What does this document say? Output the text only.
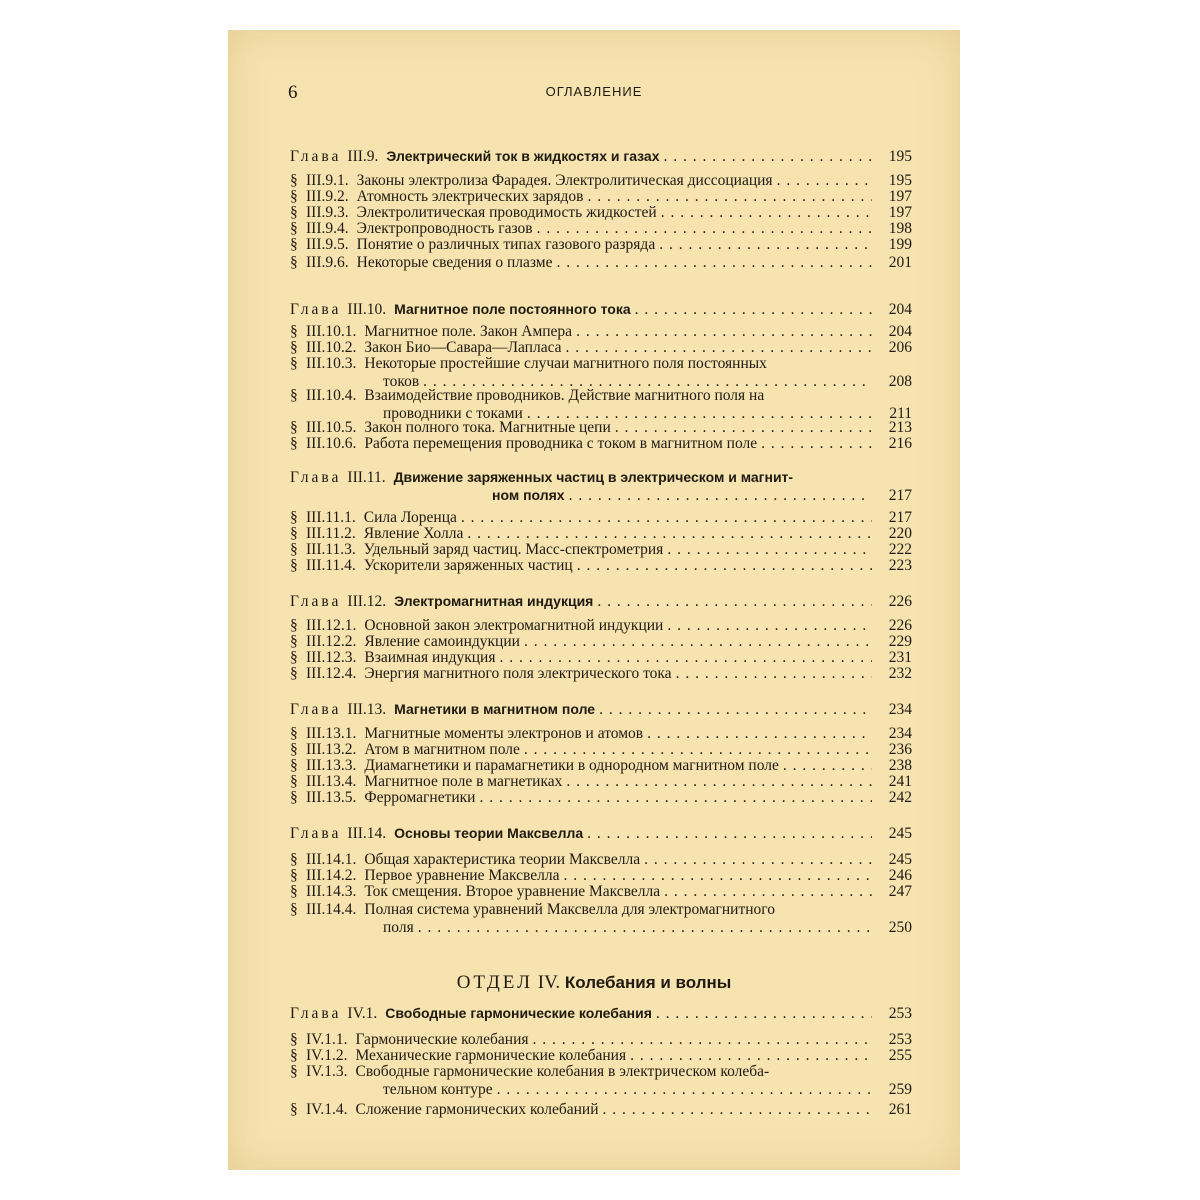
6	ОГЛАВЛЕНИЕ
Глава III.9. Электрический ток в жидкостях и газах . . .	195
§ III.9.1. Законы электролиза Фарадея. Электролитическая диссоциация . . .	195
§ III.9.2. Атомность электрических зарядов . . .	197
§ III.9.3. Электролитическая проводимость жидкостей . . .	197
§ III.9.4. Электропроводность газов . . .	198
§ III.9.5. Понятие о различных типах газового разряда . . .	199
§ III.9.6. Некоторые сведения о плазме . . .	201
Глава III.10. Магнитное поле постоянного тока . . .	204
§ III.10.1. Магнитное поле. Закон Ампера . . .	204
§ III.10.2. Закон Био—Савара—Лапласа . . .	206
§ III.10.3. Некоторые простейшие случаи магнитного поля постоянных
токов . . .	208
§ III.10.4. Взаимодействие проводников. Действие магнитного поля на
проводники с токами . . .	211
§ III.10.5. Закон полного тока. Магнитные цепи . . .	213
§ III.10.6. Работа перемещения проводника с током в магнитном поле . . .	216
Глава III.11. Движение заряженных частиц в электрическом и магнит-
ном полях . . .	217
§ III.11.1. Сила Лоренца . . .	217
§ III.11.2. Явление Холла . . .	220
§ III.11.3. Удельный заряд частиц. Масс-спектрометрия . . .	222
§ III.11.4. Ускорители заряженных частиц . . .	223
Глава III.12. Электромагнитная индукция . . .	226
§ III.12.1. Основной закон электромагнитной индукции . . .	226
§ III.12.2. Явление самоиндукции . . .	229
§ III.12.3. Взаимная индукция . . .	231
§ III.12.4. Энергия магнитного поля электрического тока . . .	232
Глава III.13. Магнетики в магнитном поле . . .	234
§ III.13.1. Магнитные моменты электронов и атомов . . .	234
§ III.13.2. Атом в магнитном поле . . .	236
§ III.13.3. Диамагнетики и парамагнетики в однородном магнитном поле . . .	238
§ III.13.4. Магнитное поле в магнетиках . . .	241
§ III.13.5. Ферромагнетики . . .	242
Глава III.14. Основы теории Максвелла . . .	245
§ III.14.1. Общая характеристика теории Максвелла . . .	245
§ III.14.2. Первое уравнение Максвелла . . .	246
§ III.14.3. Ток смещения. Второе уравнение Максвелла . . .	247
§ III.14.4. Полная система уравнений Максвелла для электромагнитного
поля . . .	250
Глава IV.1. Свободные гармонические колебания . . .	253
§ IV.1.1. Гармонические колебания . . .	253
§ IV.1.2. Механические гармонические колебания . . .	255
§ IV.1.3. Свободные гармонические колебания в электрическом колеба-
тельном контуре . . .	259
§ IV.1.4. Сложение гармонических колебаний . . .	261
ОТДЕЛ IV. Колебания и волны
